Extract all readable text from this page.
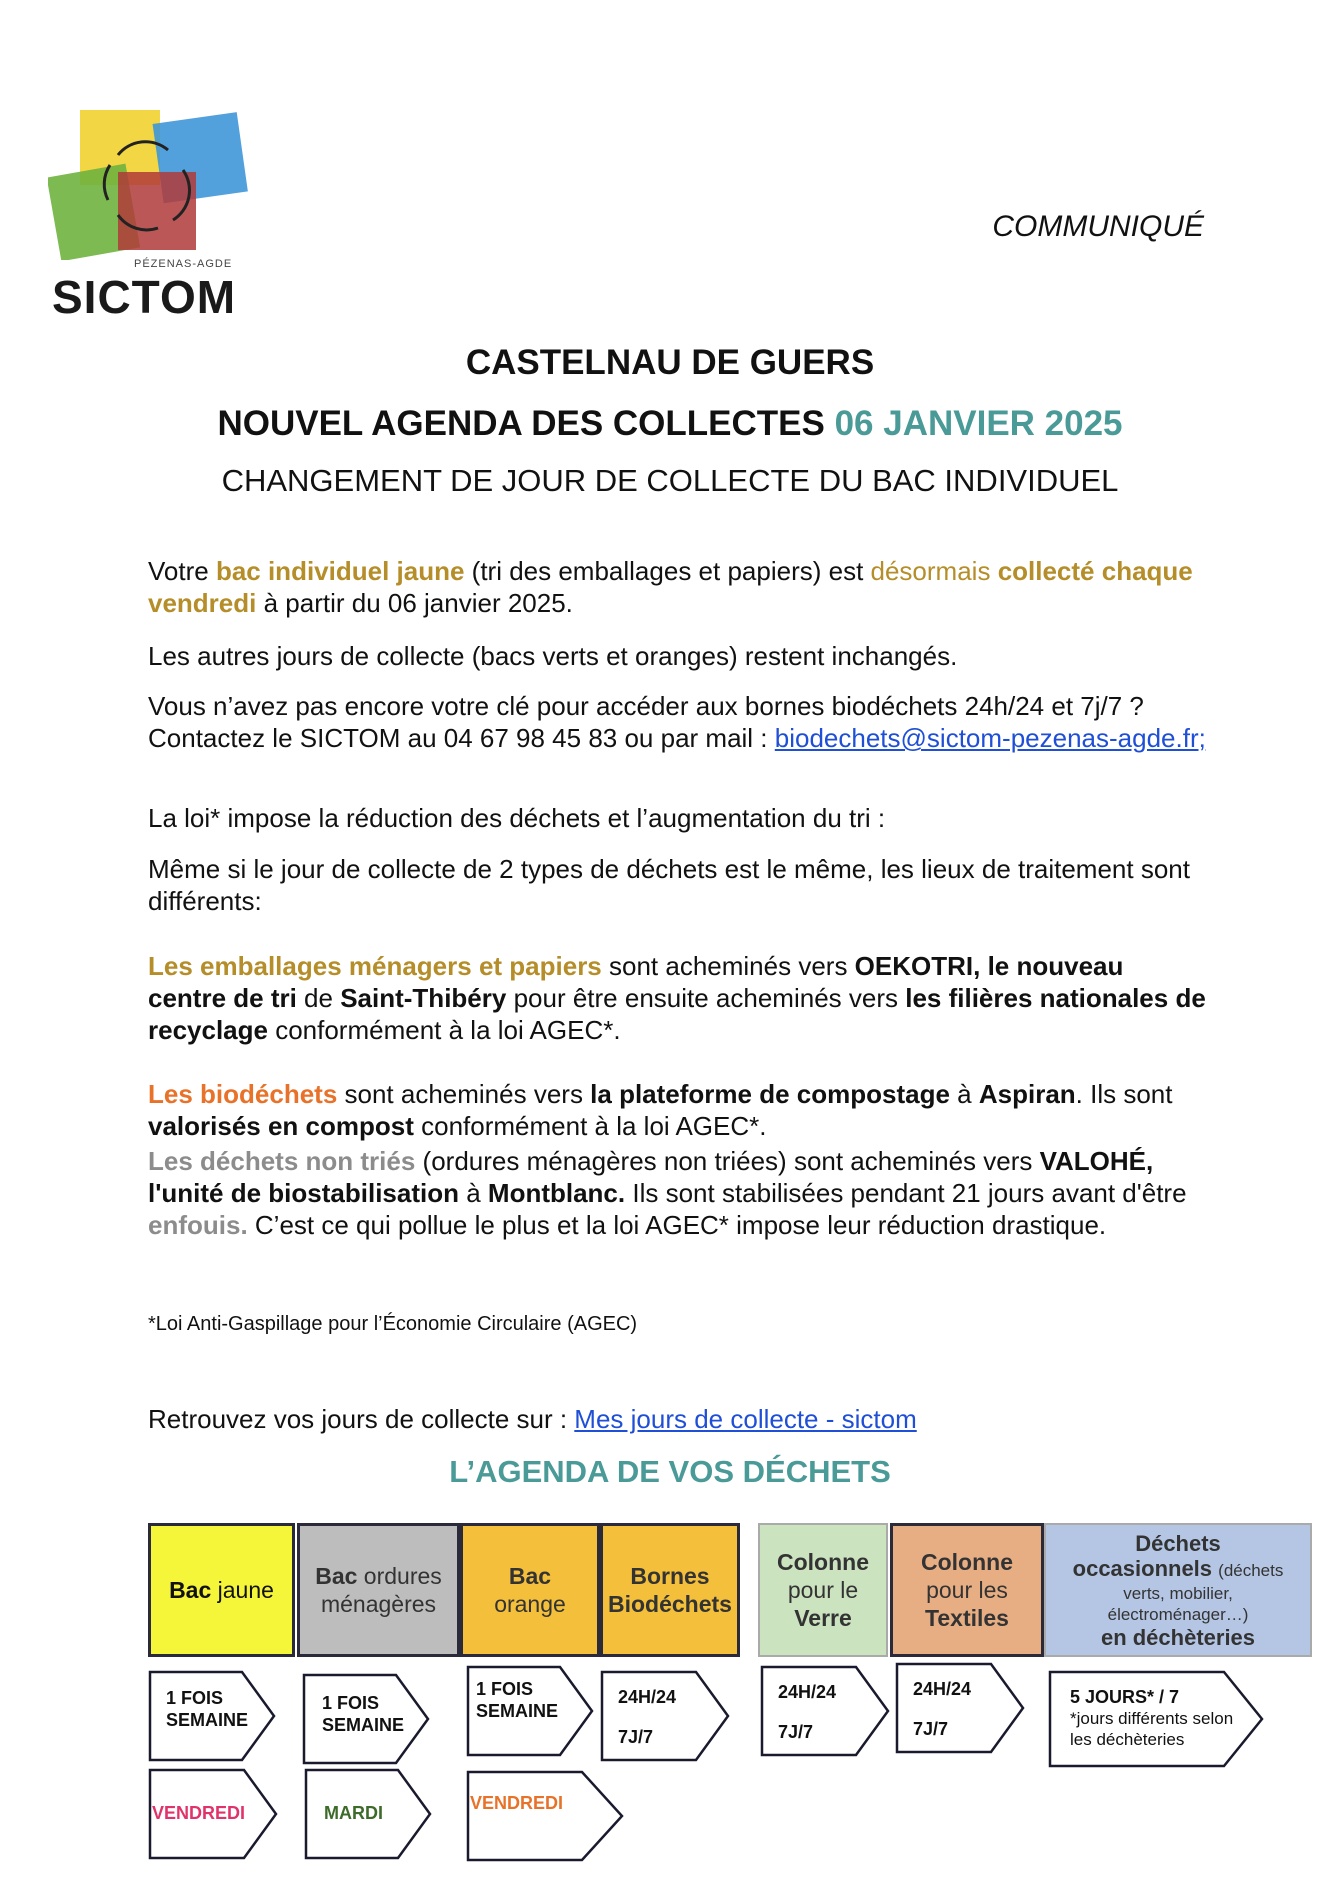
PÉZENAS-AGDE
SICTOM
COMMUNIQUÉ
CASTELNAU DE GUERS
NOUVEL AGENDA DES COLLECTES 06 JANVIER 2025
CHANGEMENT DE JOUR DE COLLECTE DU BAC INDIVIDUEL
Votre bac individuel jaune (tri des emballages et papiers) est désormais collecté chaque vendredi à partir du 06 janvier 2025.
Les autres jours de collecte (bacs verts et oranges) restent inchangés.
Vous n’avez pas encore votre clé pour accéder aux bornes biodéchets 24h/24 et 7j/7 ? Contactez le SICTOM au 04 67 98 45 83 ou par mail : biodechets@sictom-pezenas-agde.fr;
La loi* impose la réduction des déchets et l’augmentation du tri :
Même si le jour de collecte de 2 types de déchets est le même, les lieux de traitement sont différents:
Les emballages ménagers et papiers sont acheminés vers OEKOTRI, le nouveau centre de tri de Saint-Thibéry pour être ensuite acheminés vers les filières nationales de recyclage conformément à la loi AGEC*.
Les biodéchets sont acheminés vers la plateforme de compostage à Aspiran. Ils sont valorisés en compost conformément à la loi AGEC*.
Les déchets non triés (ordures ménagères non triées) sont acheminés vers VALOHÉ, l'unité de biostabilisation à Montblanc. Ils sont stabilisées pendant 21 jours avant d'être enfouis. C’est ce qui pollue le plus et la loi AGEC* impose leur réduction drastique.
*Loi Anti-Gaspillage pour l’Économie Circulaire (AGEC)
Retrouvez vos jours de collecte sur : Mes jours de collecte - sictom
L’AGENDA DE VOS DÉCHETS
Bac jaune
Bac ordures
ménagères
Bac
orange
Bornes
Biodéchets
Colonne
pour le
Verre
Colonne
pour les
Textiles
Déchets
occasionnels (déchets
verts, mobilier,
électroménager…)
en déchèteries
1 FOIS
SEMAINE
1 FOIS
SEMAINE
1 FOIS
SEMAINE
24H/24
7J/7
24H/24
7J/7
24H/24
7J/7
5 JOURS* / 7
*jours différents selon
les déchèteries
VENDREDI	MARDI	VENDREDI
